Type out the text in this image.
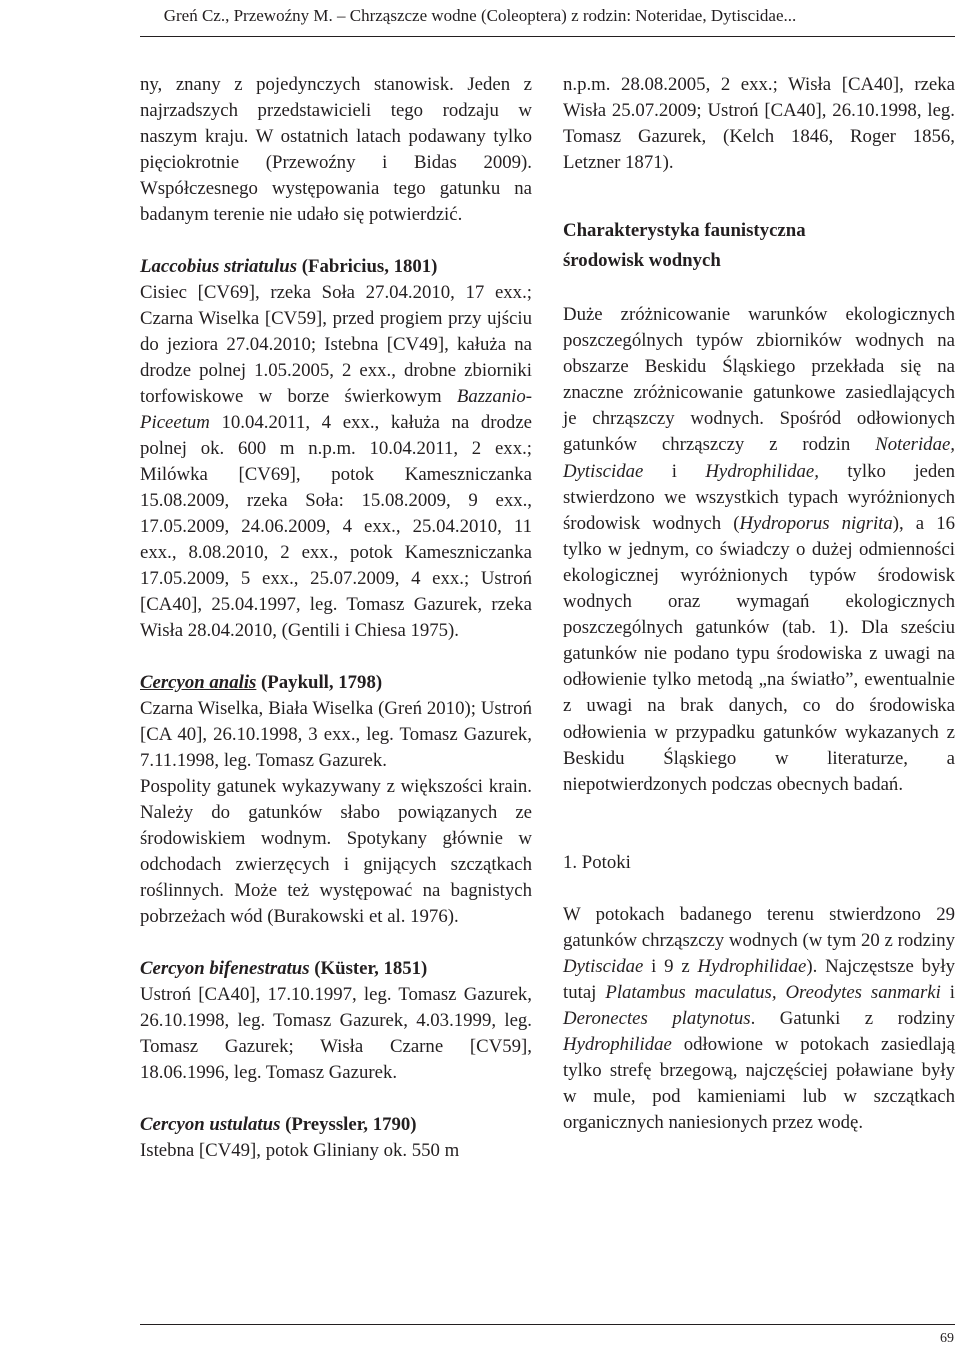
Greń Cz., Przewoźny M. – Chrząszcze wodne (Coleoptera) z rodzin: Noteridae, Dytiscidae...

ny, znany z pojedynczych stanowisk. Jeden z najrzadszych przedstawicieli tego rodzaju w naszym kraju. W ostatnich latach podawany tylko pięciokrotnie (Przewoźny i Bidas 2009). Współczesnego występowania tego gatunku na badanym terenie nie udało się potwierdzić.

Laccobius striatulus (Fabricius, 1801)

Cisiec [CV69], rzeka Soła 27.04.2010, 17 exx.; Czarna Wiselka [CV59], przed progiem przy ujściu do jeziora 27.04.2010; Istebna [CV49], kałuża na drodze polnej 1.05.2005, 2 exx., drobne zbiorniki torfowiskowe w borze świerkowym Bazzanio-Piceetum 10.04.2011, 4 exx., kałuża na drodze polnej ok. 600 m n.p.m. 10.04.2011, 2 exx.; Milówka [CV69], potok Kameszniczanka 15.08.2009, rzeka Soła: 15.08.2009, 9 exx., 17.05.2009, 24.06.2009, 4 exx., 25.04.2010, 11 exx., 8.08.2010, 2 exx., potok Kameszniczanka 17.05.2009, 5 exx., 25.07.2009, 4 exx.; Ustroń [CA40], 25.04.1997, leg. Tomasz Gazurek, rzeka Wisła 28.04.2010, (Gentili i Chiesa 1975).

Cercyon analis (Paykull, 1798)

Czarna Wiselka, Biała Wiselka (Greń 2010); Ustroń [CA 40], 26.10.1998, 3 exx., leg. Tomasz Gazurek, 7.11.1998, leg. Tomasz Gazurek.

Pospolity gatunek wykazywany z większości krain. Należy do gatunków słabo powiązanych ze środowiskiem wodnym. Spotykany głównie w odchodach zwierzęcych i gnijących szczątkach roślinnych. Może też występować na bagnistych pobrzeżach wód (Burakowski et al. 1976).

Cercyon bifenestratus (Küster, 1851)

Ustroń [CA40], 17.10.1997, leg. Tomasz Gazurek, 26.10.1998, leg. Tomasz Gazurek, 4.03.1999, leg. Tomasz Gazurek; Wisła Czarne [CV59], 18.06.1996, leg. Tomasz Gazurek.

Cercyon ustulatus (Preyssler, 1790)

Istebna [CV49], potok Gliniany ok. 550 m

n.p.m. 28.08.2005, 2 exx.; Wisła [CA40], rzeka Wisła 25.07.2009; Ustroń [CA40], 26.10.1998, leg. Tomasz Gazurek, (Kelch 1846, Roger 1856, Letzner 1871).

Charakterystyka faunistyczna
środowisk wodnych

Duże zróżnicowanie warunków ekologicznych poszczególnych typów zbiorników wodnych na obszarze Beskidu Śląskiego przekłada się na znaczne zróżnicowanie gatunkowe zasiedlających je chrząszczy wodnych. Spośród odłowionych gatunków chrząszczy z rodzin Noteridae, Dytiscidae i Hydrophilidae, tylko jeden stwierdzono we wszystkich typach wyróżnionych środowisk wodnych (Hydroporus nigrita), a 16 tylko w jednym, co świadczy o dużej odmienności ekologicznej wyróżnionych typów środowisk wodnych oraz wymagań ekologicznych poszczególnych gatunków (tab. 1). Dla sześciu gatunków nie podano typu środowiska z uwagi na odłowienie tylko metodą „na światło”, ewentualnie z uwagi na brak danych, co do środowiska odłowienia w przypadku gatunków wykazanych z Beskidu Śląskiego w literaturze, a niepotwierdzonych podczas obecnych badań.

1. Potoki

W potokach badanego terenu stwierdzono 29 gatunków chrząszczy wodnych (w tym 20 z rodziny Dytiscidae i 9 z Hydrophilidae). Najczęstsze były tutaj Platambus maculatus, Oreodytes sanmarki i Deronectes platynotus. Gatunki z rodziny Hydrophilidae odłowione w potokach zasiedlają tylko strefę brzegową, najczęściej poławiane były w mule, pod kamieniami lub w szczątkach organicznych naniesionych przez wodę.

69
